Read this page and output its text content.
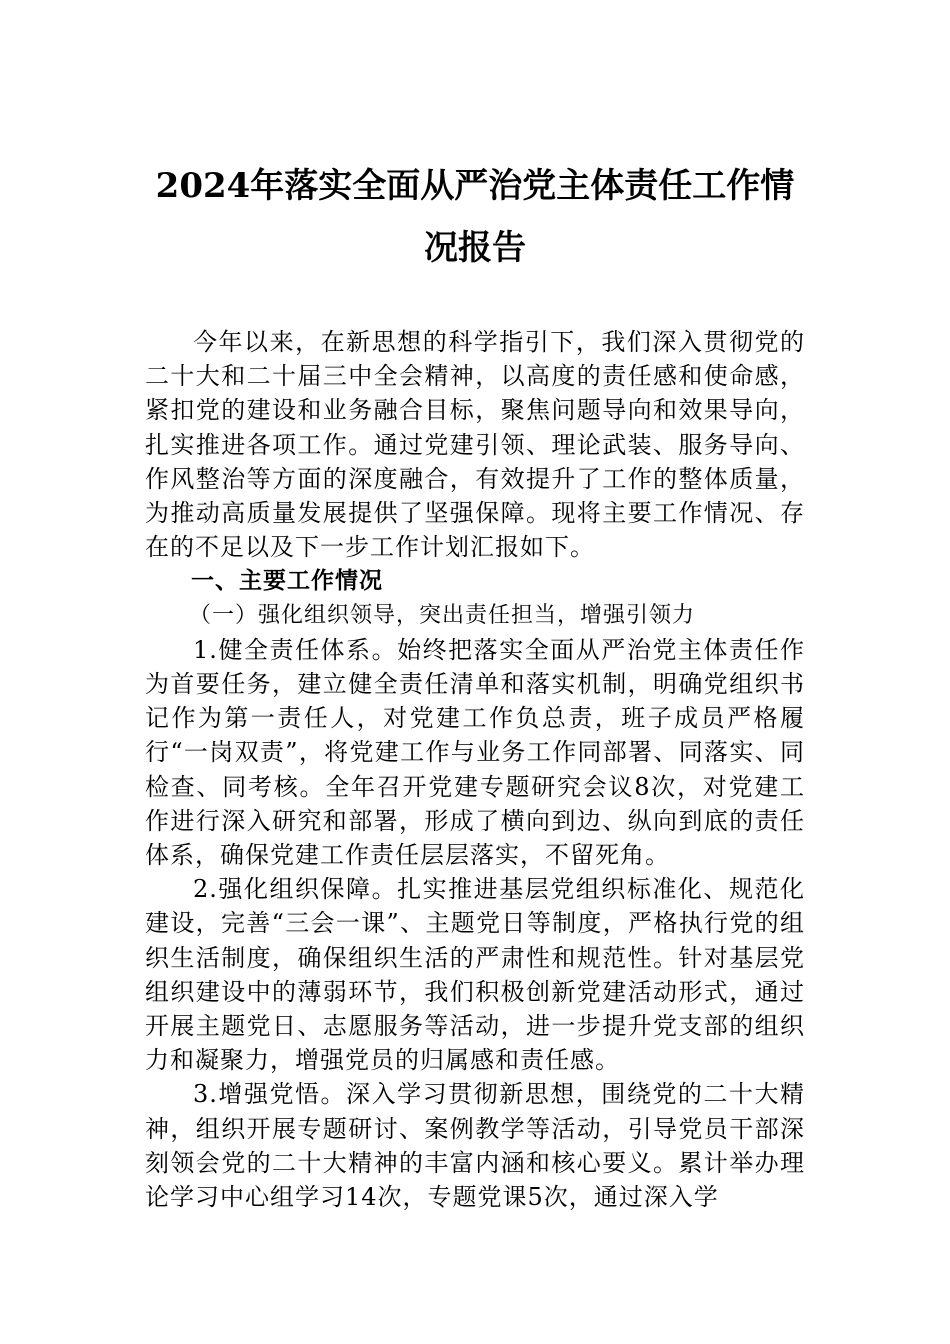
2024年落实全面从严治党主体责任工作情
况报告

今年以来，在新思想的科学指引下，我们深入贯彻党的二十大和二十届三中全会精神，以高度的责任感和使命感，紧扣党的建设和业务融合目标，聚焦问题导向和效果导向，扎实推进各项工作。通过党建引领、理论武装、服务导向、作风整治等方面的深度融合，有效提升了工作的整体质量，为推动高质量发展提供了坚强保障。现将主要工作情况、存在的不足以及下一步工作计划汇报如下。

一、主要工作情况

（一）强化组织领导，突出责任担当，增强引领力

1.健全责任体系。始终把落实全面从严治党主体责任作为首要任务，建立健全责任清单和落实机制，明确党组织书记作为第一责任人，对党建工作负总责，班子成员严格履行“一岗双责”，将党建工作与业务工作同部署、同落实、同检查、同考核。全年召开党建专题研究会议8次，对党建工作进行深入研究和部署，形成了横向到边、纵向到底的责任体系，确保党建工作责任层层落实，不留死角。

2.强化组织保障。扎实推进基层党组织标准化、规范化建设，完善“三会一课”、主题党日等制度，严格执行党的组织生活制度，确保组织生活的严肃性和规范性。针对基层党组织建设中的薄弱环节，我们积极创新党建活动形式，通过开展主题党日、志愿服务等活动，进一步提升党支部的组织力和凝聚力，增强党员的归属感和责任感。

3.增强党悟。深入学习贯彻新思想，围绕党的二十大精神，组织开展专题研讨、案例教学等活动，引导党员干部深刻领会党的二十大精神的丰富内涵和核心要义。累计举办理论学习中心组学习14次，专题党课5次，通过深入学
